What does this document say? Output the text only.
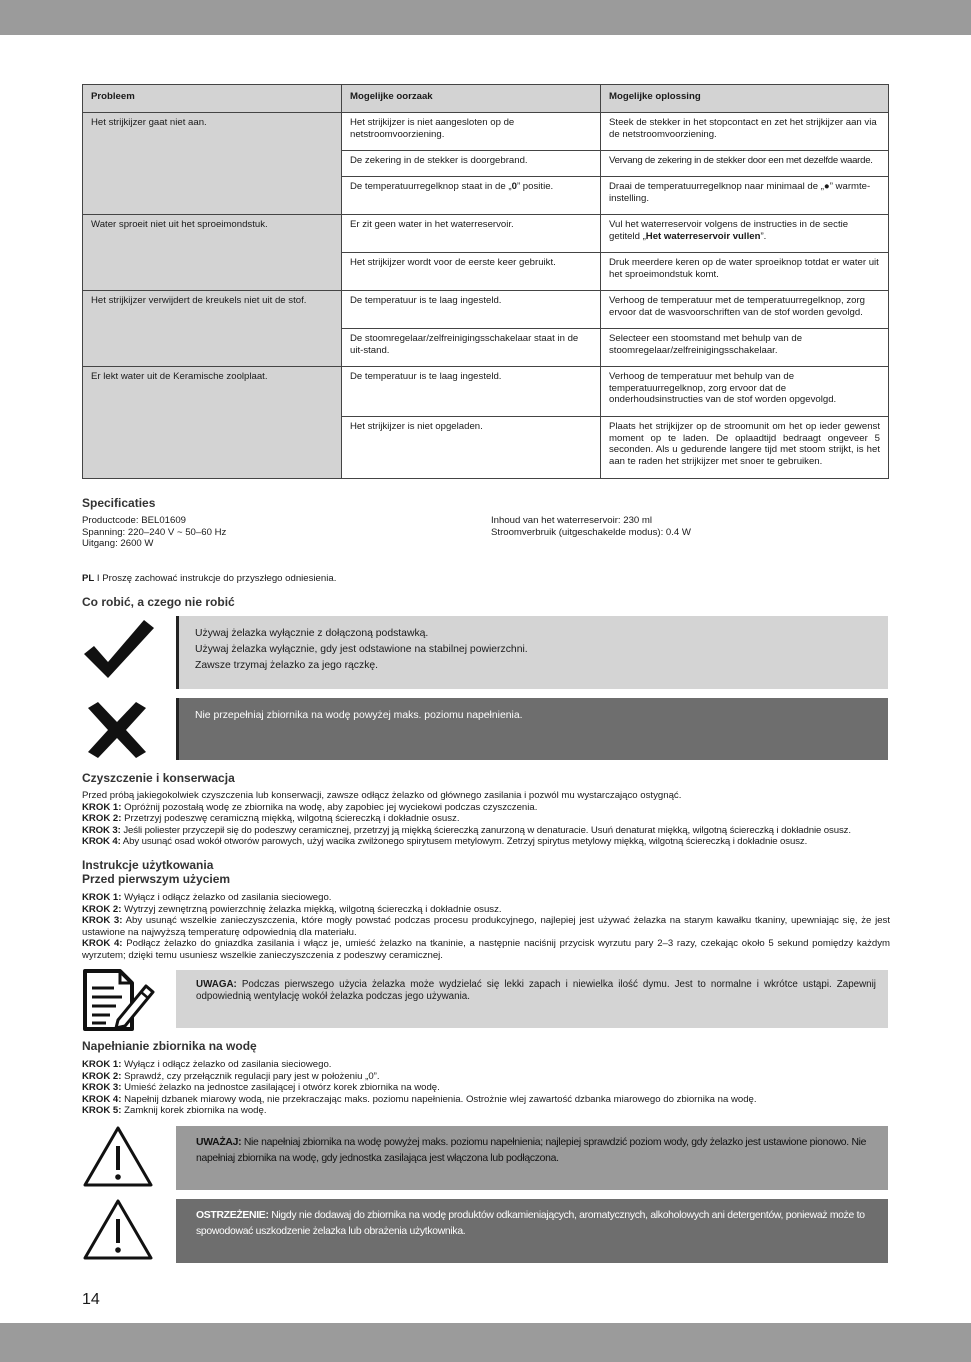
Probleem	Mogelijke oorzaak	Mogelijke oplossing
Het strijkijzer gaat niet aan.	Het strijkijzer is niet aangesloten op de netstroomvoorziening.	Steek de stekker in het stopcontact en zet het strijkijzer aan via de netstroomvoorziening.
	De zekering in de stekker is doorgebrand.	Vervang de zekering in de stekker door een met dezelfde waarde.
	De temperatuurregelknop staat in de „0” positie.	Draai de temperatuurregelknop naar minimaal de „●” warmte-instelling.
Water sproeit niet uit het sproeimondstuk.	Er zit geen water in het waterreservoir.	Vul het waterreservoir volgens de instructies in de sectie getiteld „Het waterreservoir vullen”.
	Het strijkijzer wordt voor de eerste keer gebruikt.	Druk meerdere keren op de water sproeiknop totdat er water uit het sproeimondstuk komt.
Het strijkijzer verwijdert de kreukels niet uit de stof.	De temperatuur is te laag ingesteld.	Verhoog de temperatuur met de temperatuurregelknop, zorg ervoor dat de wasvoorschriften van de stof worden gevolgd.
	De stoomregelaar/zelfreinigingsschakelaar staat in de uit-stand.	Selecteer een stoomstand met behulp van de stoomregelaar/zelfreinigingsschakelaar.
Er lekt water uit de Keramische zoolplaat.	De temperatuur is te laag ingesteld.	Verhoog de temperatuur met behulp van de temperatuurregelknop, zorg ervoor dat de onderhoudsinstructies van de stof worden opgevolgd.
	Het strijkijzer is niet opgeladen.	Plaats het strijkijzer op de stroomunit om het op ieder gewenst moment op te laden. De oplaadtijd bedraagt ongeveer 5 seconden. Als u gedurende langere tijd met stoom strijkt, is het aan te raden het strijkijzer met snoer te gebruiken.
Specificaties
Productcode: BEL01609
Spanning: 220–240 V ~ 50–60 Hz
Uitgang: 2600 W
Inhoud van het waterreservoir: 230 ml
Stroomverbruik (uitgeschakelde modus): 0.4 W
PL I Proszę zachować instrukcje do przyszłego odniesienia.
Co robić, a czego nie robić
Używaj żelazka wyłącznie z dołączoną podstawką.
Używaj żelazka wyłącznie, gdy jest odstawione na stabilnej powierzchni.
Zawsze trzymaj żelazko za jego rączkę.
Nie przepełniaj zbiornika na wodę powyżej maks. poziomu napełnienia.
Czyszczenie i konserwacja
Przed próbą jakiegokolwiek czyszczenia lub konserwacji, zawsze odłącz żelazko od głównego zasilania i pozwól mu wystarczająco ostygnąć.
KROK 1: Opróżnij pozostałą wodę ze zbiornika na wodę, aby zapobiec jej wyciekowi podczas czyszczenia.
KROK 2: Przetrzyj podeszwę ceramiczną miękką, wilgotną ściereczką i dokładnie osusz.
KROK 3: Jeśli poliester przyczepił się do podeszwy ceramicznej, przetrzyj ją miękką ściereczką zanurzoną w denaturacie. Usuń denaturat miękką, wilgotną ściereczką i dokładnie osusz.
KROK 4: Aby usunąć osad wokół otworów parowych, użyj wacika zwilżonego spirytusem metylowym. Zetrzyj spirytus metylowy miękką, wilgotną ściereczką i dokładnie osusz.
Instrukcje użytkowania
Przed pierwszym użyciem
KROK 1: Wyłącz i odłącz żelazko od zasilania sieciowego.
KROK 2: Wytrzyj zewnętrzną powierzchnię żelazka miękką, wilgotną ściereczką i dokładnie osusz.
KROK 3: Aby usunąć wszelkie zanieczyszczenia, które mogły powstać podczas procesu produkcyjnego, najlepiej jest używać żelazka na starym kawałku tkaniny, upewniając się, że jest ustawione na najwyższą temperaturę odpowiednią dla materiału.
KROK 4: Podłącz żelazko do gniazdka zasilania i włącz je, umieść żelazko na tkaninie, a następnie naciśnij przycisk wyrzutu pary 2–3 razy, czekając około 5 sekund pomiędzy każdym wyrzutem; dzięki temu usuniesz wszelkie zanieczyszczenia z podeszwy ceramicznej.
UWAGA: Podczas pierwszego użycia żelazka może wydzielać się lekki zapach i niewielka ilość dymu. Jest to normalne i wkrótce ustąpi. Zapewnij odpowiednią wentylację wokół żelazka podczas jego używania.
Napełnianie zbiornika na wodę
KROK 1: Wyłącz i odłącz żelazko od zasilania sieciowego.
KROK 2: Sprawdź, czy przełącznik regulacji pary jest w położeniu „0”.
KROK 3: Umieść żelazko na jednostce zasilającej i otwórz korek zbiornika na wodę.
KROK 4: Napełnij dzbanek miarowy wodą, nie przekraczając maks. poziomu napełnienia. Ostrożnie wlej zawartość dzbanka miarowego do zbiornika na wodę.
KROK 5: Zamknij korek zbiornika na wodę.
UWAŻAJ: Nie napełniaj zbiornika na wodę powyżej maks. poziomu napełnienia; najlepiej sprawdzić poziom wody, gdy żelazko jest ustawione pionowo. Nie napełniaj zbiornika na wodę, gdy jednostka zasilająca jest włączona lub podłączona.
OSTRZEŻENIE: Nigdy nie dodawaj do zbiornika na wodę produktów odkamieniających, aromatycznych, alkoholowych ani detergentów, ponieważ może to spowodować uszkodzenie żelazka lub obrażenia użytkownika.
14
